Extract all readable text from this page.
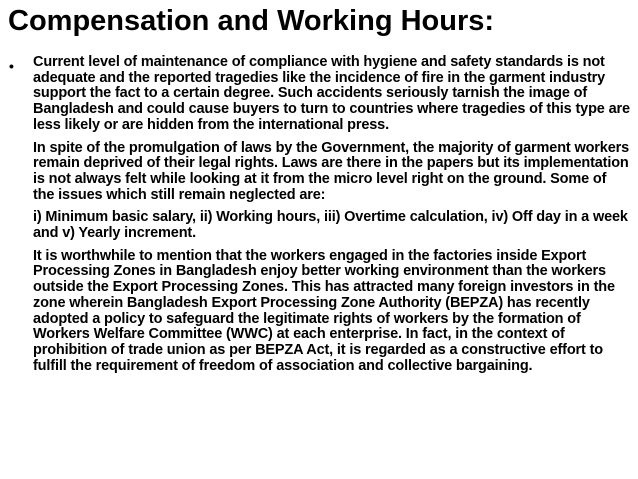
Compensation and Working Hours:
• Current level of maintenance of compliance with hygiene and safety standards is not adequate and the reported tragedies like the incidence of fire in the garment industry support the fact to a certain degree. Such accidents seriously tarnish the image of Bangladesh and could cause buyers to turn to countries where tragedies of this type are less likely or are hidden from the international press.

In spite of the promulgation of laws by the Government, the majority of garment workers remain deprived of their legal rights. Laws are there in the papers but its implementation is not always felt while looking at it from the micro level right on the ground. Some of the issues which still remain neglected are:

i) Minimum basic salary, ii) Working hours, iii) Overtime calculation, iv) Off day in a week and v) Yearly increment.

It is worthwhile to mention that the workers engaged in the factories inside Export Processing Zones in Bangladesh enjoy better working environment than the workers outside the Export Processing Zones. This has attracted many foreign investors in the zone wherein Bangladesh Export Processing Zone Authority (BEPZA) has recently adopted a policy to safeguard the legitimate rights of workers by the formation of Workers Welfare Committee (WWC) at each enterprise. In fact, in the context of prohibition of trade union as per BEPZA Act, it is regarded as a constructive effort to fulfill the requirement of freedom of association and collective bargaining.
